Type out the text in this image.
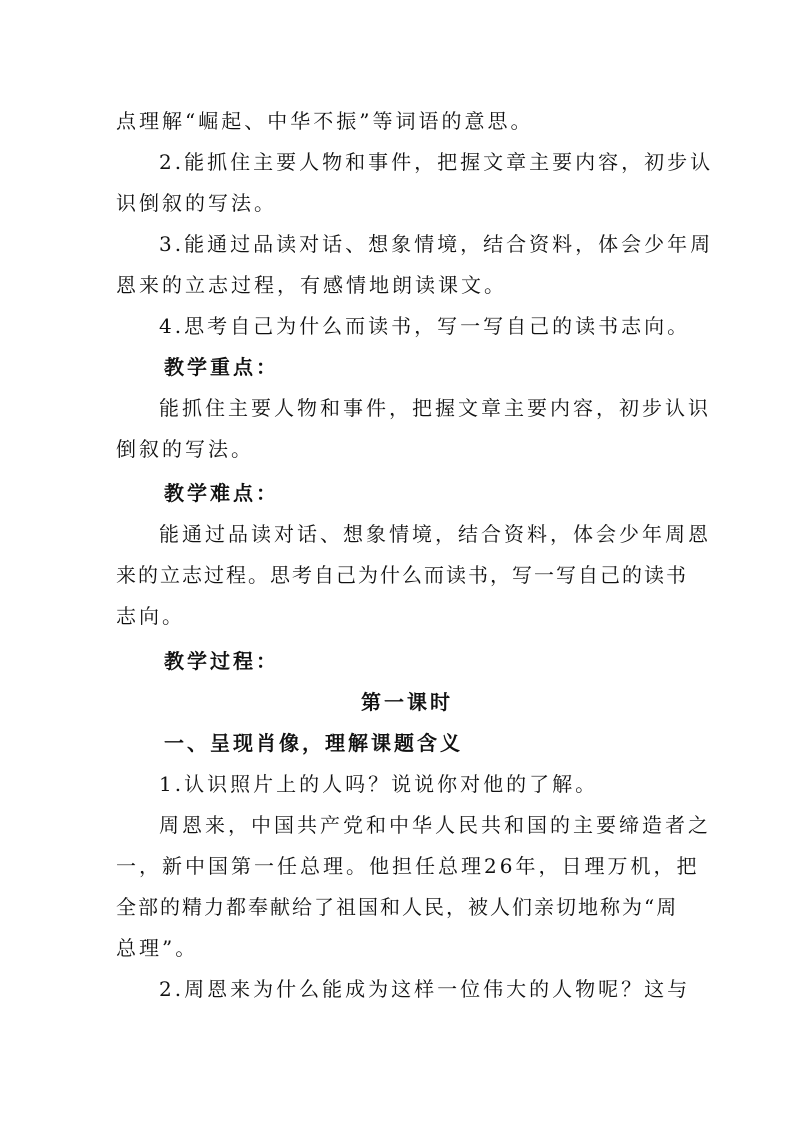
点理解“崛起、中华不振”等词语的意思。

2.能抓住主要人物和事件，把握文章主要内容，初步认

识倒叙的写法。

3.能通过品读对话、想象情境，结合资料，体会少年周

恩来的立志过程，有感情地朗读课文。

4.思考自己为什么而读书，写一写自己的读书志向。

教学重点：

能抓住主要人物和事件，把握文章主要内容，初步认识

倒叙的写法。

教学难点：

能通过品读对话、想象情境，结合资料，体会少年周恩

来的立志过程。思考自己为什么而读书，写一写自己的读书

志向。

教学过程：

第一课时

一、呈现肖像，理解课题含义

1.认识照片上的人吗？说说你对他的了解。

周恩来，中国共产党和中华人民共和国的主要缔造者之

一，新中国第一任总理。他担任总理26年，日理万机，把

全部的精力都奉献给了祖国和人民，被人们亲切地称为“周

总理”。

2.周恩来为什么能成为这样一位伟大的人物呢？这与
